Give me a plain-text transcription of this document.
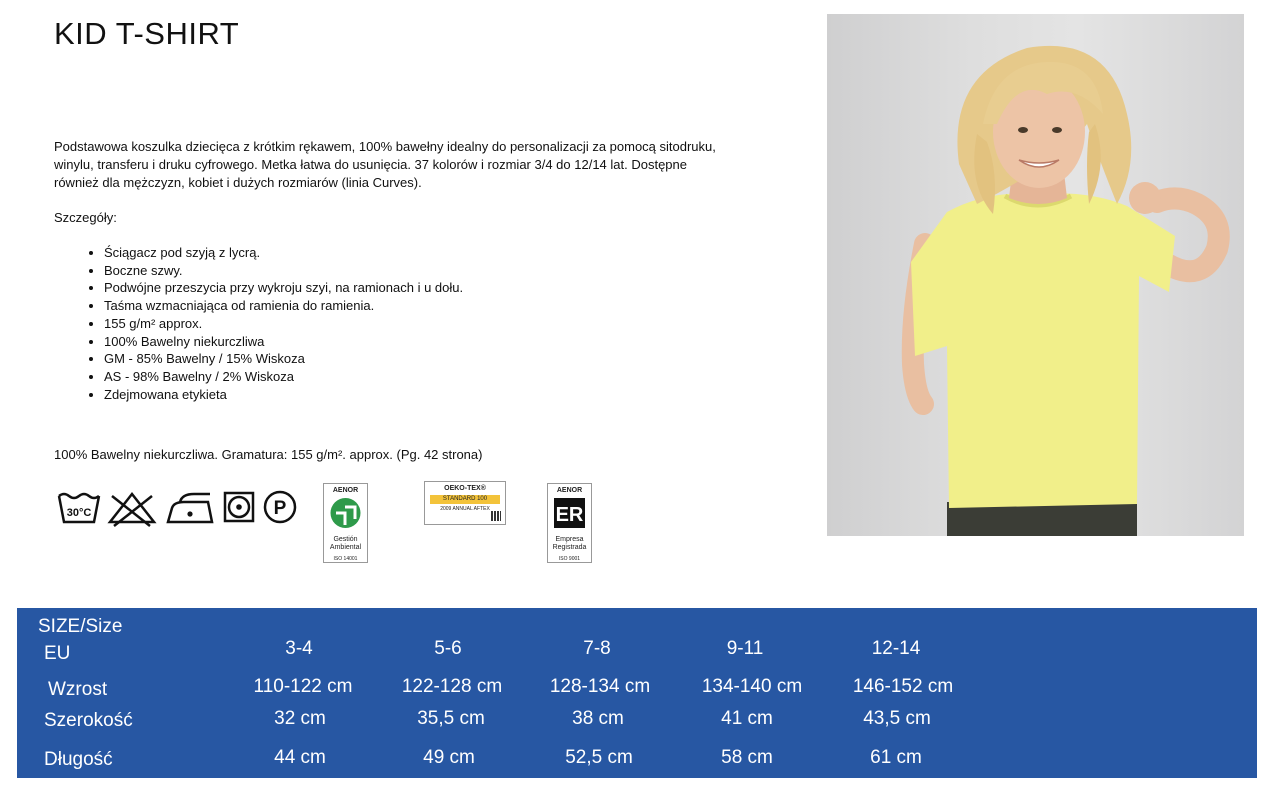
KID T-SHIRT
Podstawowa koszulka dziecięca z krótkim rękawem, 100% bawełny idealny do personalizacji za pomocą sitodruku, winylu, transferu i druku cyfrowego. Metka łatwa do usunięcia. 37 kolorów i rozmiar 3/4 do 12/14 lat. Dostępne również dla mężczyzn, kobiet i dużych rozmiarów (linia Curves).
Szczegóły:
• Ściągacz pod szyją z lycrą.
• Boczne szwy.
• Podwójne przeszycia przy wykroju szyi, na ramionach i u dołu.
• Taśma wzmacniająca od ramienia do ramienia.
• 155 g/m² approx.
• 100% Bawelny niekurczliwa
• GM - 85% Bawelny / 15% Wiskoza
• AS - 98% Bawelny / 2% Wiskoza
• Zdejmowana etykieta
100% Bawelny niekurczliwa. Gramatura: 155 g/m². approx. (Pg. 42 strona)
30°C	P
AENOR
Gestión
Ambiental
ISO 14001
OEKO-TEX®
STANDARD 100
2009 ANNUAL AFTEX
AENOR
ER
Empresa
Registrada
ISO 9001
SIZE/Size
EU	3-4	5-6	7-8	9-11	12-14
Wzrost	110-122 cm	122-128 cm	128-134 cm	134-140 cm	146-152 cm
Szerokość	32 cm	35,5 cm	38 cm	41 cm	43,5 cm
Długość	44 cm	49 cm	52,5 cm	58 cm	61 cm
